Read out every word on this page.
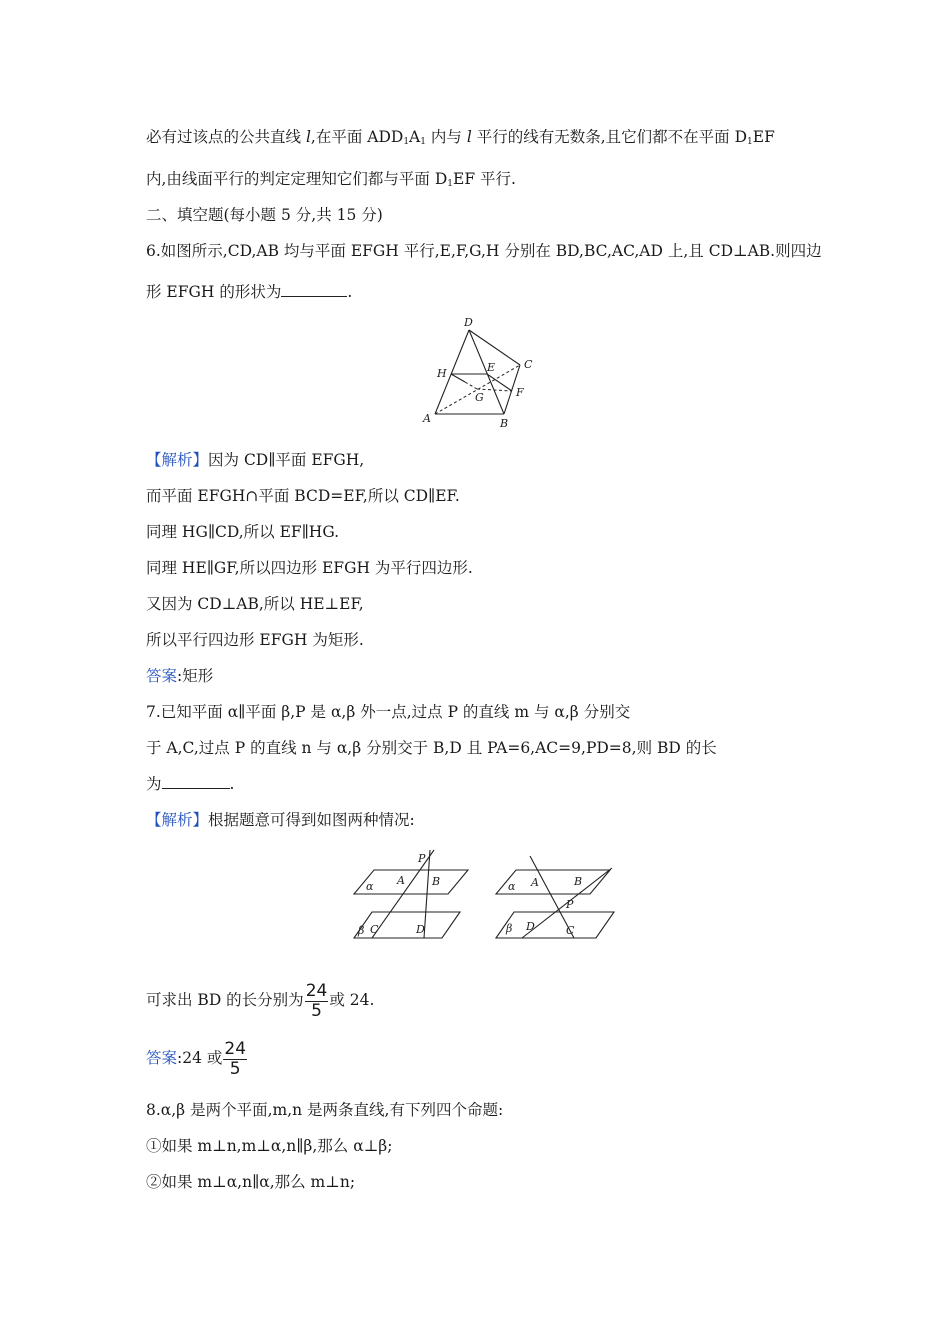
必有过该点的公共直线 l,在平面 $ADD_1A_1$ 内与 l 平行的线有无数条,且它们都不在平面 $D_1EF$
内,由线面平行的判定定理知它们都与平面 $D_1EF$ 平行.
二、填空题(每小题 5 分,共 15 分)
6.如图所示,CD,AB 均与平面 EFGH 平行,E,F,G,H 分别在 BD,BC,AC,AD 上,且 CD⊥AB.则四边
形 EFGH 的形状为	.
D
C
H	E
G	F
A	B
【解析】因为 CD∥平面 EFGH,
而平面 EFGH∩平面 BCD=EF,所以 CD∥EF.
同理 HG∥CD,所以 EF∥HG.
同理 HE∥GF,所以四边形 EFGH 为平行四边形.
又因为 CD⊥AB,所以 HE⊥EF,
所以平行四边形 EFGH 为矩形.
答案:矩形
7.已知平面 α∥平面 β,P 是 α,β 外一点,过点 P 的直线 m 与 α,β 分别交
于 A,C,过点 P 的直线 n 与 α,β 分别交于 B,D 且 PA=6,AC=9,PD=8,则 BD 的长
为	.
【解析】根据题意可得到如图两种情况:
P
α A B
β C	D
α A	B
P
β D	C
可求出 BD 的长分别为 $\frac{24}{5}$ 或 24.
答案:24 或 $\frac{24}{5}$
8.α,β 是两个平面,m,n 是两条直线,有下列四个命题:
①如果 m⊥n,m⊥α,n∥β,那么 α⊥β;
②如果 m⊥α,n∥α,那么 m⊥n;
